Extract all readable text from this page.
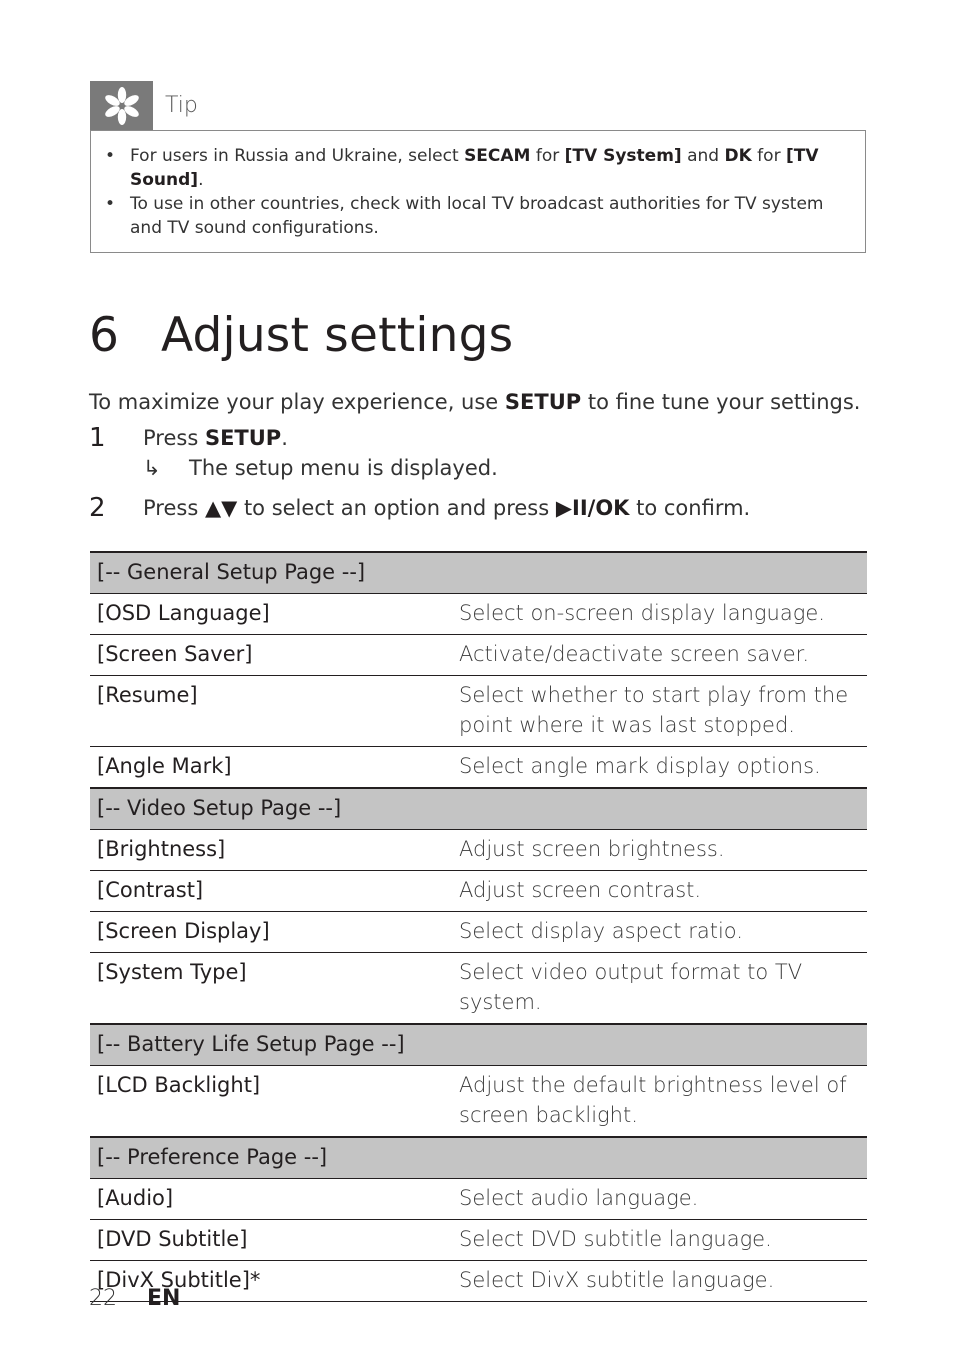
Tip
• For users in Russia and Ukraine, select SECAM for [TV System] and DK for [TV Sound].
• To use in other countries, check with local TV broadcast authorities for TV system and TV sound configurations.
6 Adjust settings
To maximize your play experience, use SETUP to fine tune your settings.
1 Press SETUP.
↳ The setup menu is displayed.
2 Press ▲▼ to select an option and press ▶II/OK to confirm.
[-- General Setup Page --]	
[OSD Language]	Select on-screen display language.
[Screen Saver]	Activate/deactivate screen saver.
[Resume]	Select whether to start play from the point where it was last stopped.
[Angle Mark]	Select angle mark display options.
[-- Video Setup Page --]	
[Brightness]	Adjust screen brightness.
[Contrast]	Adjust screen contrast.
[Screen Display]	Select display aspect ratio.
[System Type]	Select video output format to TV system.
[-- Battery Life Setup Page --]	
[LCD Backlight]	Adjust the default brightness level of screen backlight.
[-- Preference Page --]	
[Audio]	Select audio language.
[DVD Subtitle]	Select DVD subtitle language.
[DivX Subtitle]*	Select DivX subtitle language.
22 EN
